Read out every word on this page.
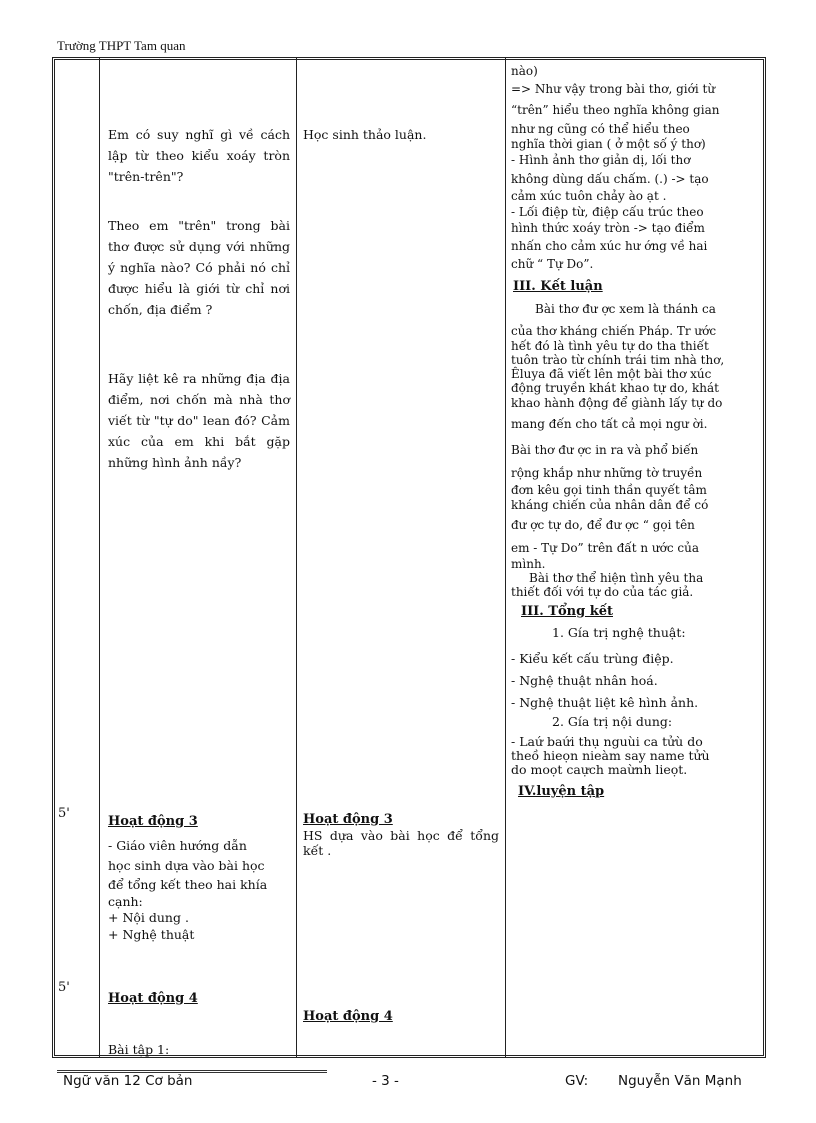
Trường THPT Tam quan
5'
5'
Em có suy nghĩ gì về cách lập từ theo kiểu xoáy tròn "trên-trên"?
Theo em "trên" trong bài thơ được sử dụng với những ý nghĩa nào? Có phải nó chỉ được hiểu là giới từ chỉ nơi chốn, địa điểm ?
Hãy liệt kê ra những địa địa điểm, nơi chốn mà nhà thơ viết từ "tự do" lean đó? Cảm xúc của em khi bắt gặp những hình ảnh nầy?
Hoạt động 3
- Giáo viên hướng dẫn
học sinh dựa vào bài học
để tổng kết theo hai khía
cạnh:
+ Nội dung .
+ Nghệ thuật
Hoạt động 4
Bài tập 1:
Học sinh thảo luận.
Hoạt động 3
HS dựa vào bài học để tổng kết .
Hoạt động 4
nào)
=> Như vậy trong bài thơ, giới từ
“trên” hiểu theo nghĩa không gian
như ng cũng có thể hiểu theo
nghĩa thời gian ( ở một số ý thơ)
- Hình ảnh thơ giản dị, lối thơ
không dùng dấu chấm. (.) -> tạo
cảm xúc tuôn chảy ào ạt .
- Lối điệp từ, điệp cấu trúc theo
hình thức xoáy tròn -> tạo điểm
nhấn cho cảm xúc hư ớng về hai
chữ “ Tự Do”.
III. Kết luận
Bài thơ đư ợc xem là thánh ca
của thơ kháng chiến Pháp. Tr ước
hết đó là tình yêu tự do tha thiết
tuôn trào từ chính trái tim nhà thơ,
Êluya đã viết lên một bài thơ xúc
động truyền khát khao tự do, khát
khao hành động để giành lấy tự do
mang đến cho tất cả mọi ngư ời.
Bài thơ đư ợc in ra và phổ biến
rộng khắp như những tờ truyền
đơn kêu gọi tinh thần quyết tâm
kháng chiến của nhân dân để có
đư ợc tự do, để đư ợc “ gọi tên
em - Tự Do” trên đất n ước của
mình.
Bài thơ thể hiện tình yêu tha
thiết đối với tự do của tác giả.
III. Tổng kết
1. Gía trị nghệ thuật:
- Kiểu kết cấu trùng điệp.
- Nghệ thuật nhân hoá.
- Nghệ thuật liệt kê hình ảnh.
2. Gía trị nội dung:
- Laứ baứi thụ nguùi ca tửù do
theồ hieọn nieàm say name tửù
do moọt caựch maừnh lieọt.
IV.luyện tập
Ngữ văn 12 Cơ bản	- 3 -	GV: Nguyễn Văn Mạnh
